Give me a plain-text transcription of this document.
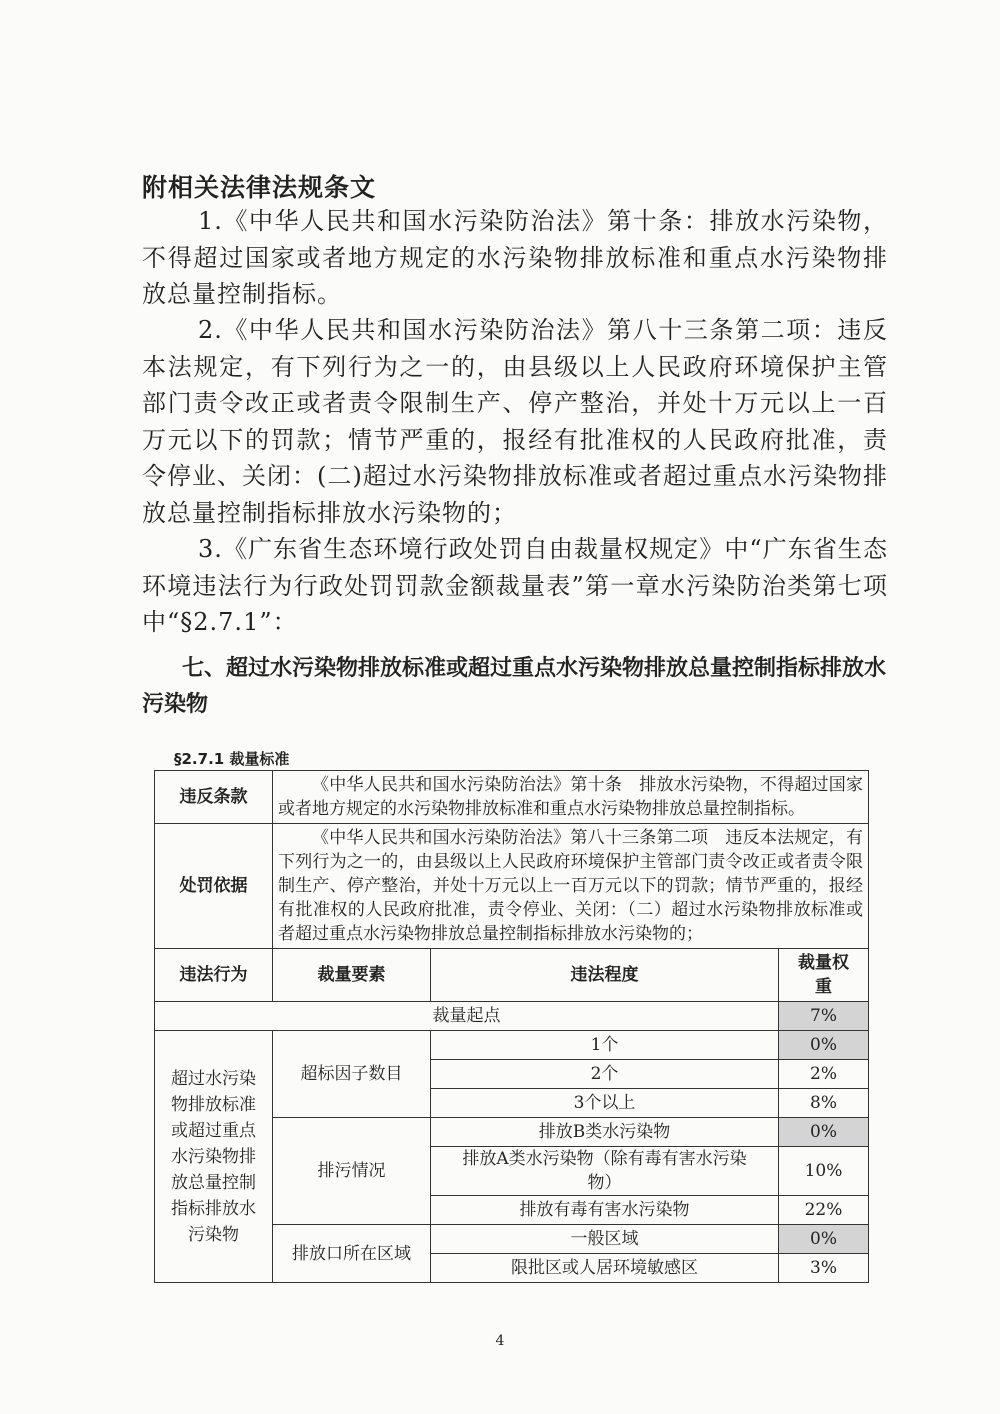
附相关法律法规条文
1.《中华人民共和国水污染防治法》第十条：排放水污染物，不得超过国家或者地方规定的水污染物排放标准和重点水污染物排放总量控制指标。
2.《中华人民共和国水污染防治法》第八十三条第二项：违反本法规定，有下列行为之一的，由县级以上人民政府环境保护主管部门责令改正或者责令限制生产、停产整治，并处十万元以上一百万元以下的罚款；情节严重的，报经有批准权的人民政府批准，责令停业、关闭：(二)超过水污染物排放标准或者超过重点水污染物排放总量控制指标排放水污染物的；
3.《广东省生态环境行政处罚自由裁量权规定》中“广东省生态环境违法行为行政处罚罚款金额裁量表”第一章水污染防治类第七项中“§2.7.1”：
七、超过水污染物排放标准或超过重点水污染物排放总量控制指标排放水污染物
§2.7.1 裁量标准
违反条款	《中华人民共和国水污染防治法》第十条　排放水污染物，不得超过国家或者地方规定的水污染物排放标准和重点水污染物排放总量控制指标。		
处罚依据	《中华人民共和国水污染防治法》第八十三条第二项　违反本法规定，有下列行为之一的，由县级以上人民政府环境保护主管部门责令改正或者责令限制生产、停产整治，并处十万元以上一百万元以下的罚款；情节严重的，报经有批准权的人民政府批准，责令停业、关闭：（二）超过水污染物排放标准或者超过重点水污染物排放总量控制指标排放水污染物的；		
违法行为	裁量要素	违法程度	裁量权重
裁量起点			7%
超过水污染物排放标准或超过重点水污染物排放总量控制指标排放水污染物	超标因子数目	1个	0%
		2个	2%
		3个以上	8%
	排污情况	排放B类水污染物	0%
		排放A类水污染物（除有毒有害水污染物）	10%
		排放有毒有害水污染物	22%
	排放口所在区域	一般区域	0%
		限批区或人居环境敏感区	3%
4
